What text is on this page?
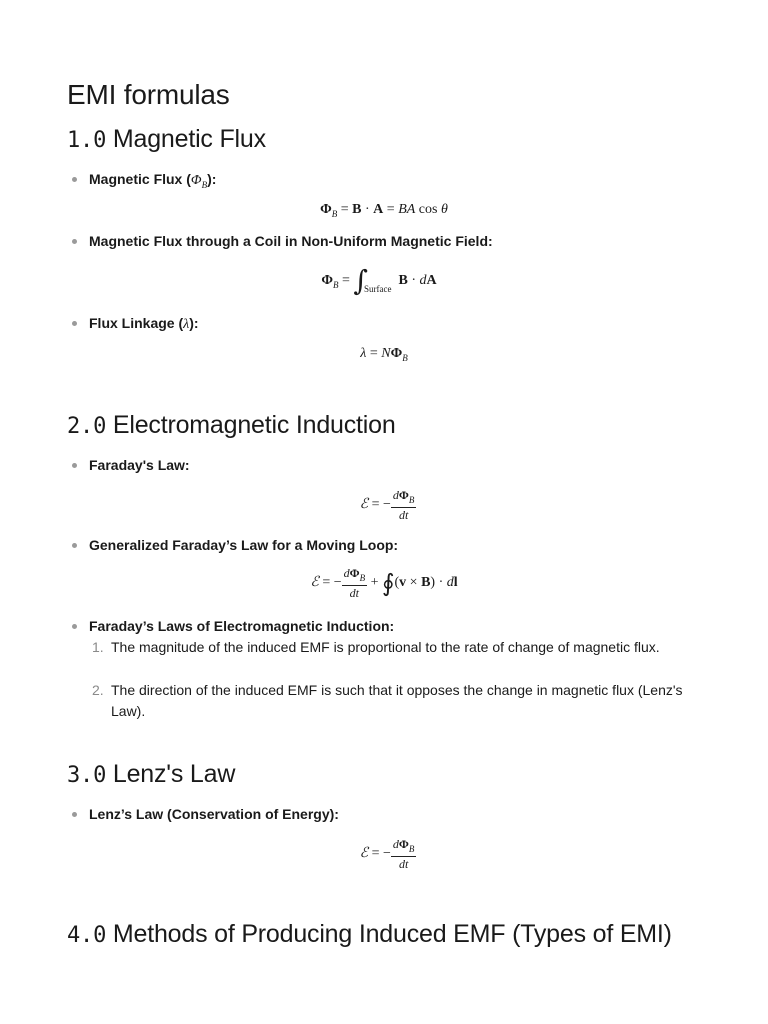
EMI formulas
1.0 Magnetic Flux
Magnetic Flux $(\Phi_B)$:
$\Phi_B = B \cdot A$ = BA cos θ
Magnetic Flux through a Coil in Non-Uniform Magnetic Field:
$\Phi_B = \int_{Surface}$  B · dA
Flux Linkage (λ):
$\lambda = N\Phi_B$
2.0 Electromagnetic Induction
Faraday's Law:
ℰ = − $\frac{d\Phi_B}{dt}$
Generalized Faraday’s Law for a Moving Loop:
ℰ = − $\frac{d\Phi_B}{dt}$ + ∮(v × B) · dl
Faraday’s Laws of Electromagnetic Induction:
1. The magnitude of the induced EMF is proportional to the rate of change of magnetic flux.
2. The direction of the induced EMF is such that it opposes the change in magnetic flux (Lenz's Law).
3.0 Lenz's Law
Lenz’s Law (Conservation of Energy):
ℰ = − $\frac{d\Phi_B}{dt}$
4.0 Methods of Producing Induced EMF (Types of EMI)
